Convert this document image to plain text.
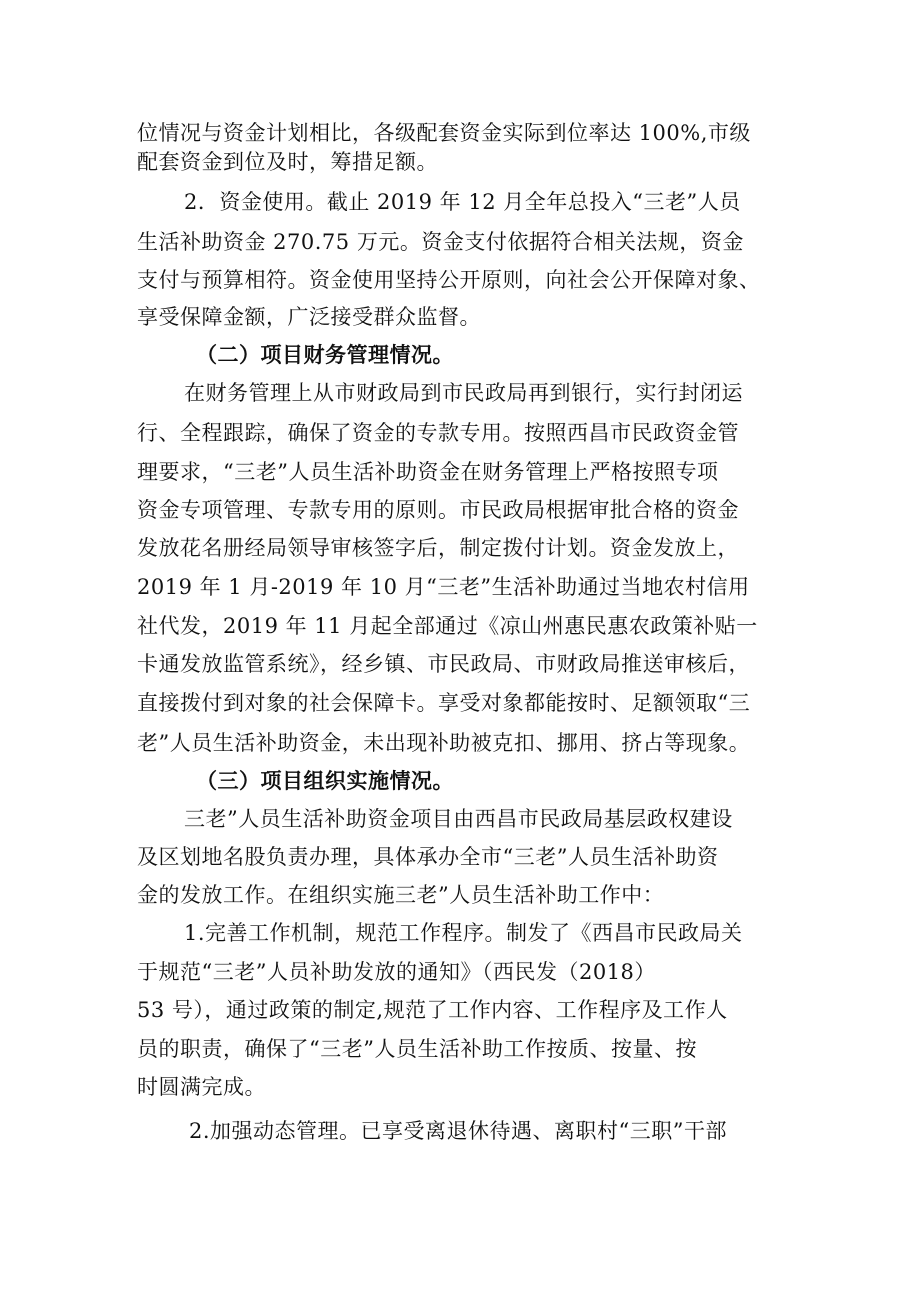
位情况与资金计划相比，各级配套资金实际到位率达 100%,市级
配套资金到位及时，筹措足额。
2．资金使用。截止 2019 年 12 月全年总投入“三老”人员
生活补助资金 270.75 万元。资金支付依据符合相关法规，资金
支付与预算相符。资金使用坚持公开原则，向社会公开保障对象、
享受保障金额，广泛接受群众监督。
（二）项目财务管理情况。
在财务管理上从市财政局到市民政局再到银行，实行封闭运
行、全程跟踪，确保了资金的专款专用。按照西昌市民政资金管
理要求，“三老”人员生活补助资金在财务管理上严格按照专项
资金专项管理、专款专用的原则。市民政局根据审批合格的资金
发放花名册经局领导审核签字后，制定拨付计划。资金发放上，
2019 年 1 月-2019 年 10 月“三老”生活补助通过当地农村信用
社代发，2019 年 11 月起全部通过《凉山州惠民惠农政策补贴一
卡通发放监管系统》，经乡镇、市民政局、市财政局推送审核后，
直接拨付到对象的社会保障卡。享受对象都能按时、足额领取“三
老”人员生活补助资金，未出现补助被克扣、挪用、挤占等现象。
（三）项目组织实施情况。
三老”人员生活补助资金项目由西昌市民政局基层政权建设
及区划地名股负责办理，具体承办全市“三老”人员生活补助资
金的发放工作。在组织实施三老”人员生活补助工作中：
1.完善工作机制，规范工作程序。制发了《西昌市民政局关
于规范“三老”人员补助发放的通知》（西民发（2018）
53 号），通过政策的制定,规范了工作内容、工作程序及工作人
员的职责，确保了“三老”人员生活补助工作按质、按量、按
时圆满完成。
2.加强动态管理。已享受离退休待遇、离职村“三职”干部
